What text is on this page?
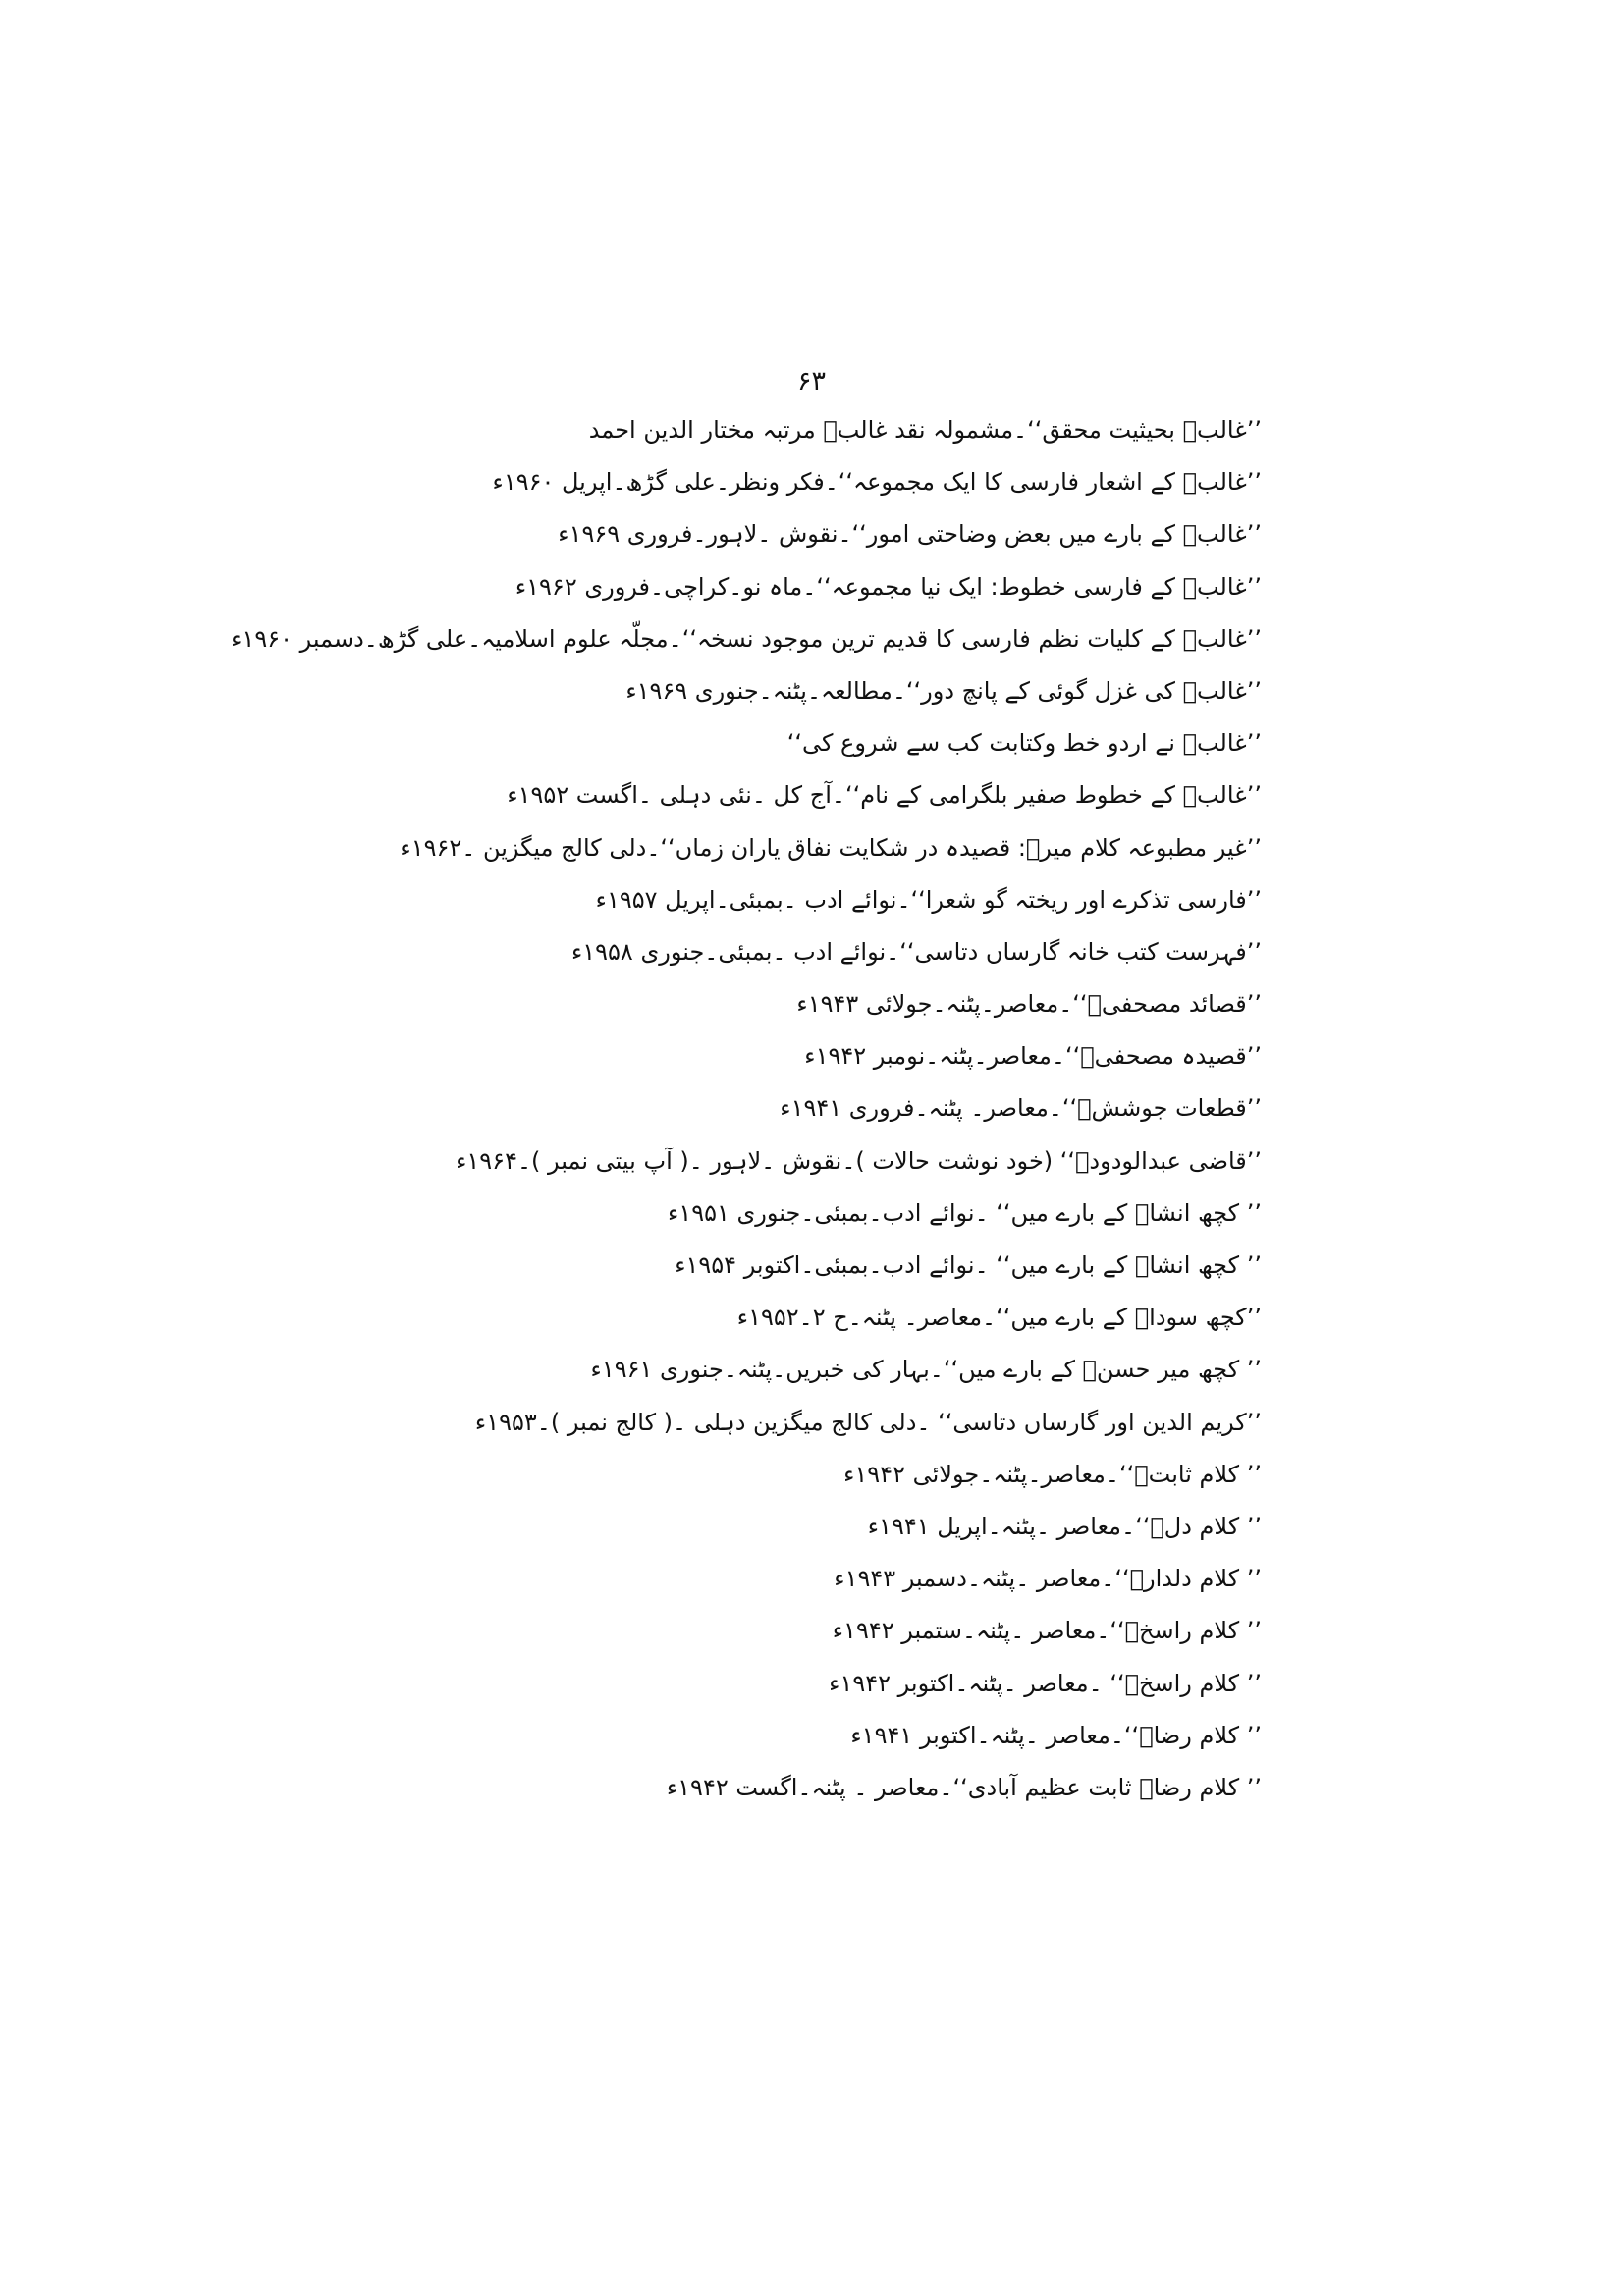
۶۳
’’غالبؔ بحیثیت محقق‘‘۔مشمولہ نقد غالبؔ مرتبہ مختار الدین احمد
’’غالبؔ کے اشعار فارسی کا ایک مجموعہ‘‘۔فکر ونظر۔علی گڑھ۔اپریل ۱۹۶۰ء
’’غالبؔ کے بارے میں بعض وضاحتی امور‘‘۔نقوش ۔لاہور۔فروری ۱۹۶۹ء
’’غالبؔ کے فارسی خطوط: ایک نیا مجموعہ‘‘۔ماہ نو۔کراچی۔فروری ۱۹۶۲ء
’’غالبؔ کے کلیات نظم فارسی کا قدیم ترین موجود نسخہ‘‘۔مجلّہ علوم اسلامیہ۔علی گڑھ۔دسمبر ۱۹۶۰ء
’’غالبؔ کی غزل گوئی کے پانچ دور‘‘۔مطالعہ۔پٹنہ۔جنوری ۱۹۶۹ء
’’غالبؔ نے اردو خط وکتابت کب سے شروع کی‘‘
’’غالبؔ کے خطوط صفیر بلگرامی کے نام‘‘۔آج کل ۔نئی دہلی ۔اگست ۱۹۵۲ء
’’غیر مطبوعہ کلام میرؔ: قصیدہ در شکایت نفاق یاران زماں‘‘۔دلی کالج میگزین ۔۱۹۶۲ء
’’فارسی تذکرے اور ریختہ گو شعرا‘‘۔نوائے ادب ۔بمبئی۔اپریل ۱۹۵۷ء
’’فہرست کتب خانہ گارساں دتاسی‘‘۔نوائے ادب ۔بمبئی۔جنوری ۱۹۵۸ء
’’قصائد مصحفیؔ‘‘۔معاصر۔پٹنہ۔جولائی ۱۹۴۳ء
’’قصیدہ مصحفیؔ‘‘۔معاصر۔پٹنہ۔نومبر ۱۹۴۲ء
’’قطعات جوششؔ‘‘۔معاصر۔ پٹنہ۔فروری ۱۹۴۱ء
’’قاضی عبدالودودؔ‘‘ (خود نوشت حالات )۔نقوش ۔لاہور ۔( آپ بیتی نمبر )۔۱۹۶۴ء
’’ کچھ انشاؔ کے بارے میں‘‘ ۔نوائے ادب۔بمبئی۔جنوری ۱۹۵۱ء
’’ کچھ انشاؔ کے بارے میں‘‘ ۔نوائے ادب۔بمبئی۔اکتوبر ۱۹۵۴ء
’’کچھ سوداؔ کے بارے میں‘‘۔معاصر۔ پٹنہ۔ح ۲۔۱۹۵۲ء
’’ کچھ میر حسنؔ کے بارے میں‘‘۔بہار کی خبریں۔پٹنہ۔جنوری ۱۹۶۱ء
’’کریم الدین اور گارساں دتاسی‘‘ ۔دلی کالج میگزین دہلی ۔( کالج نمبر )۔۱۹۵۳ء
’’ کلام ثابتؔ‘‘۔معاصر۔پٹنہ۔جولائی ۱۹۴۲ء
’’ کلام دلؔ‘‘۔معاصر ۔پٹنہ۔اپریل ۱۹۴۱ء
’’ کلام دلدارؔ‘‘۔معاصر ۔پٹنہ۔دسمبر ۱۹۴۳ء
’’ کلام راسخؔ‘‘۔معاصر ۔پٹنہ۔ستمبر ۱۹۴۲ء
’’ کلام راسخؔ‘‘ ۔معاصر ۔پٹنہ۔اکتوبر ۱۹۴۲ء
’’ کلام رضاؔ‘‘۔معاصر ۔پٹنہ۔اکتوبر ۱۹۴۱ء
’’ کلام رضاؔ ثابت عظیم آبادی‘‘۔معاصر ۔ پٹنہ۔اگست ۱۹۴۲ء
